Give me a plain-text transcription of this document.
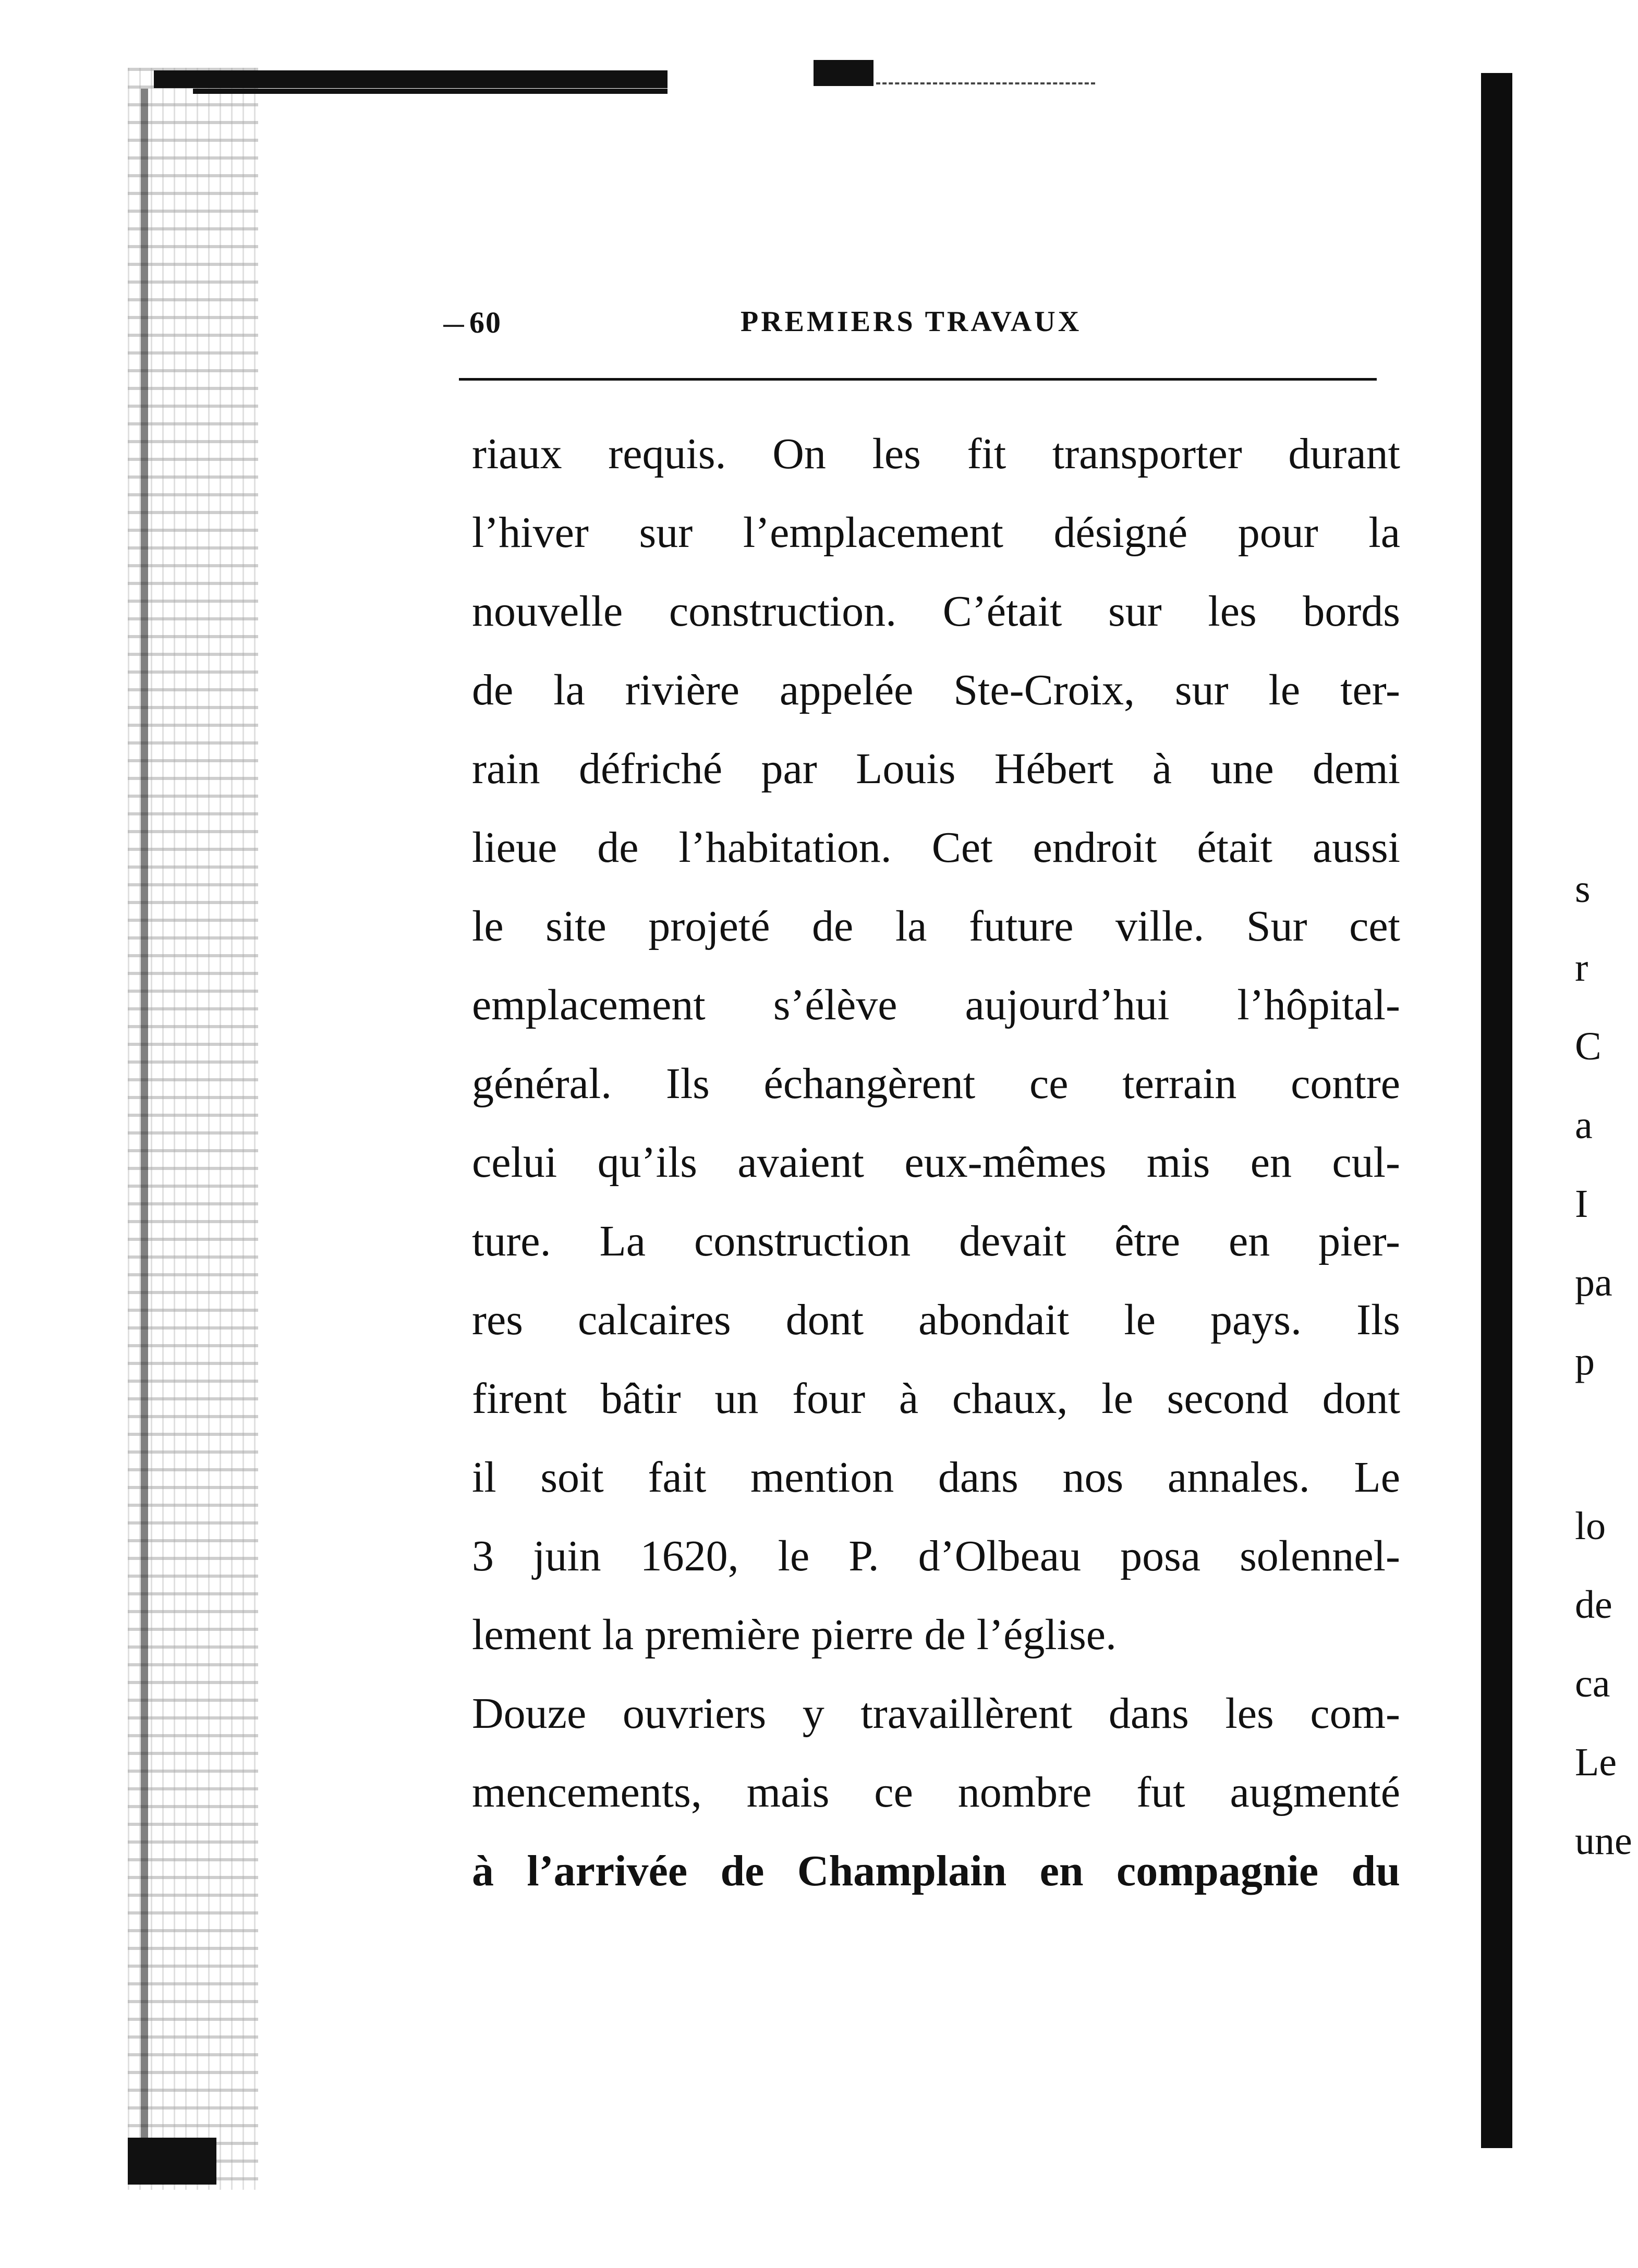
60	PREMIERS TRAVAUX
riaux requis. On les fit transporter durant
l’hiver sur l’emplacement désigné pour la
nouvelle construction. C’était sur les bords
de la rivière appelée Ste-Croix, sur le ter-
rain défriché par Louis Hébert à une demi
lieue de l’habitation. Cet endroit était aussi
le site projeté de la future ville. Sur cet
emplacement s’élève aujourd’hui l’hôpital-
général. Ils échangèrent ce terrain contre
celui qu’ils avaient eux-mêmes mis en cul-
ture. La construction devait être en pier-
res calcaires dont abondait le pays. Ils
firent bâtir un four à chaux, le second dont
il soit fait mention dans nos annales. Le
3 juin 1620, le P. d’Olbeau posa solennel-
lement la première pierre de l’église.
Douze ouvriers y travaillèrent dans les com-
mencements, mais ce nombre fut augmenté
à l’arrivée de Champlain en compagnie du
s
r
C
a
I
pa
p
lo
de
ca
Le
une
